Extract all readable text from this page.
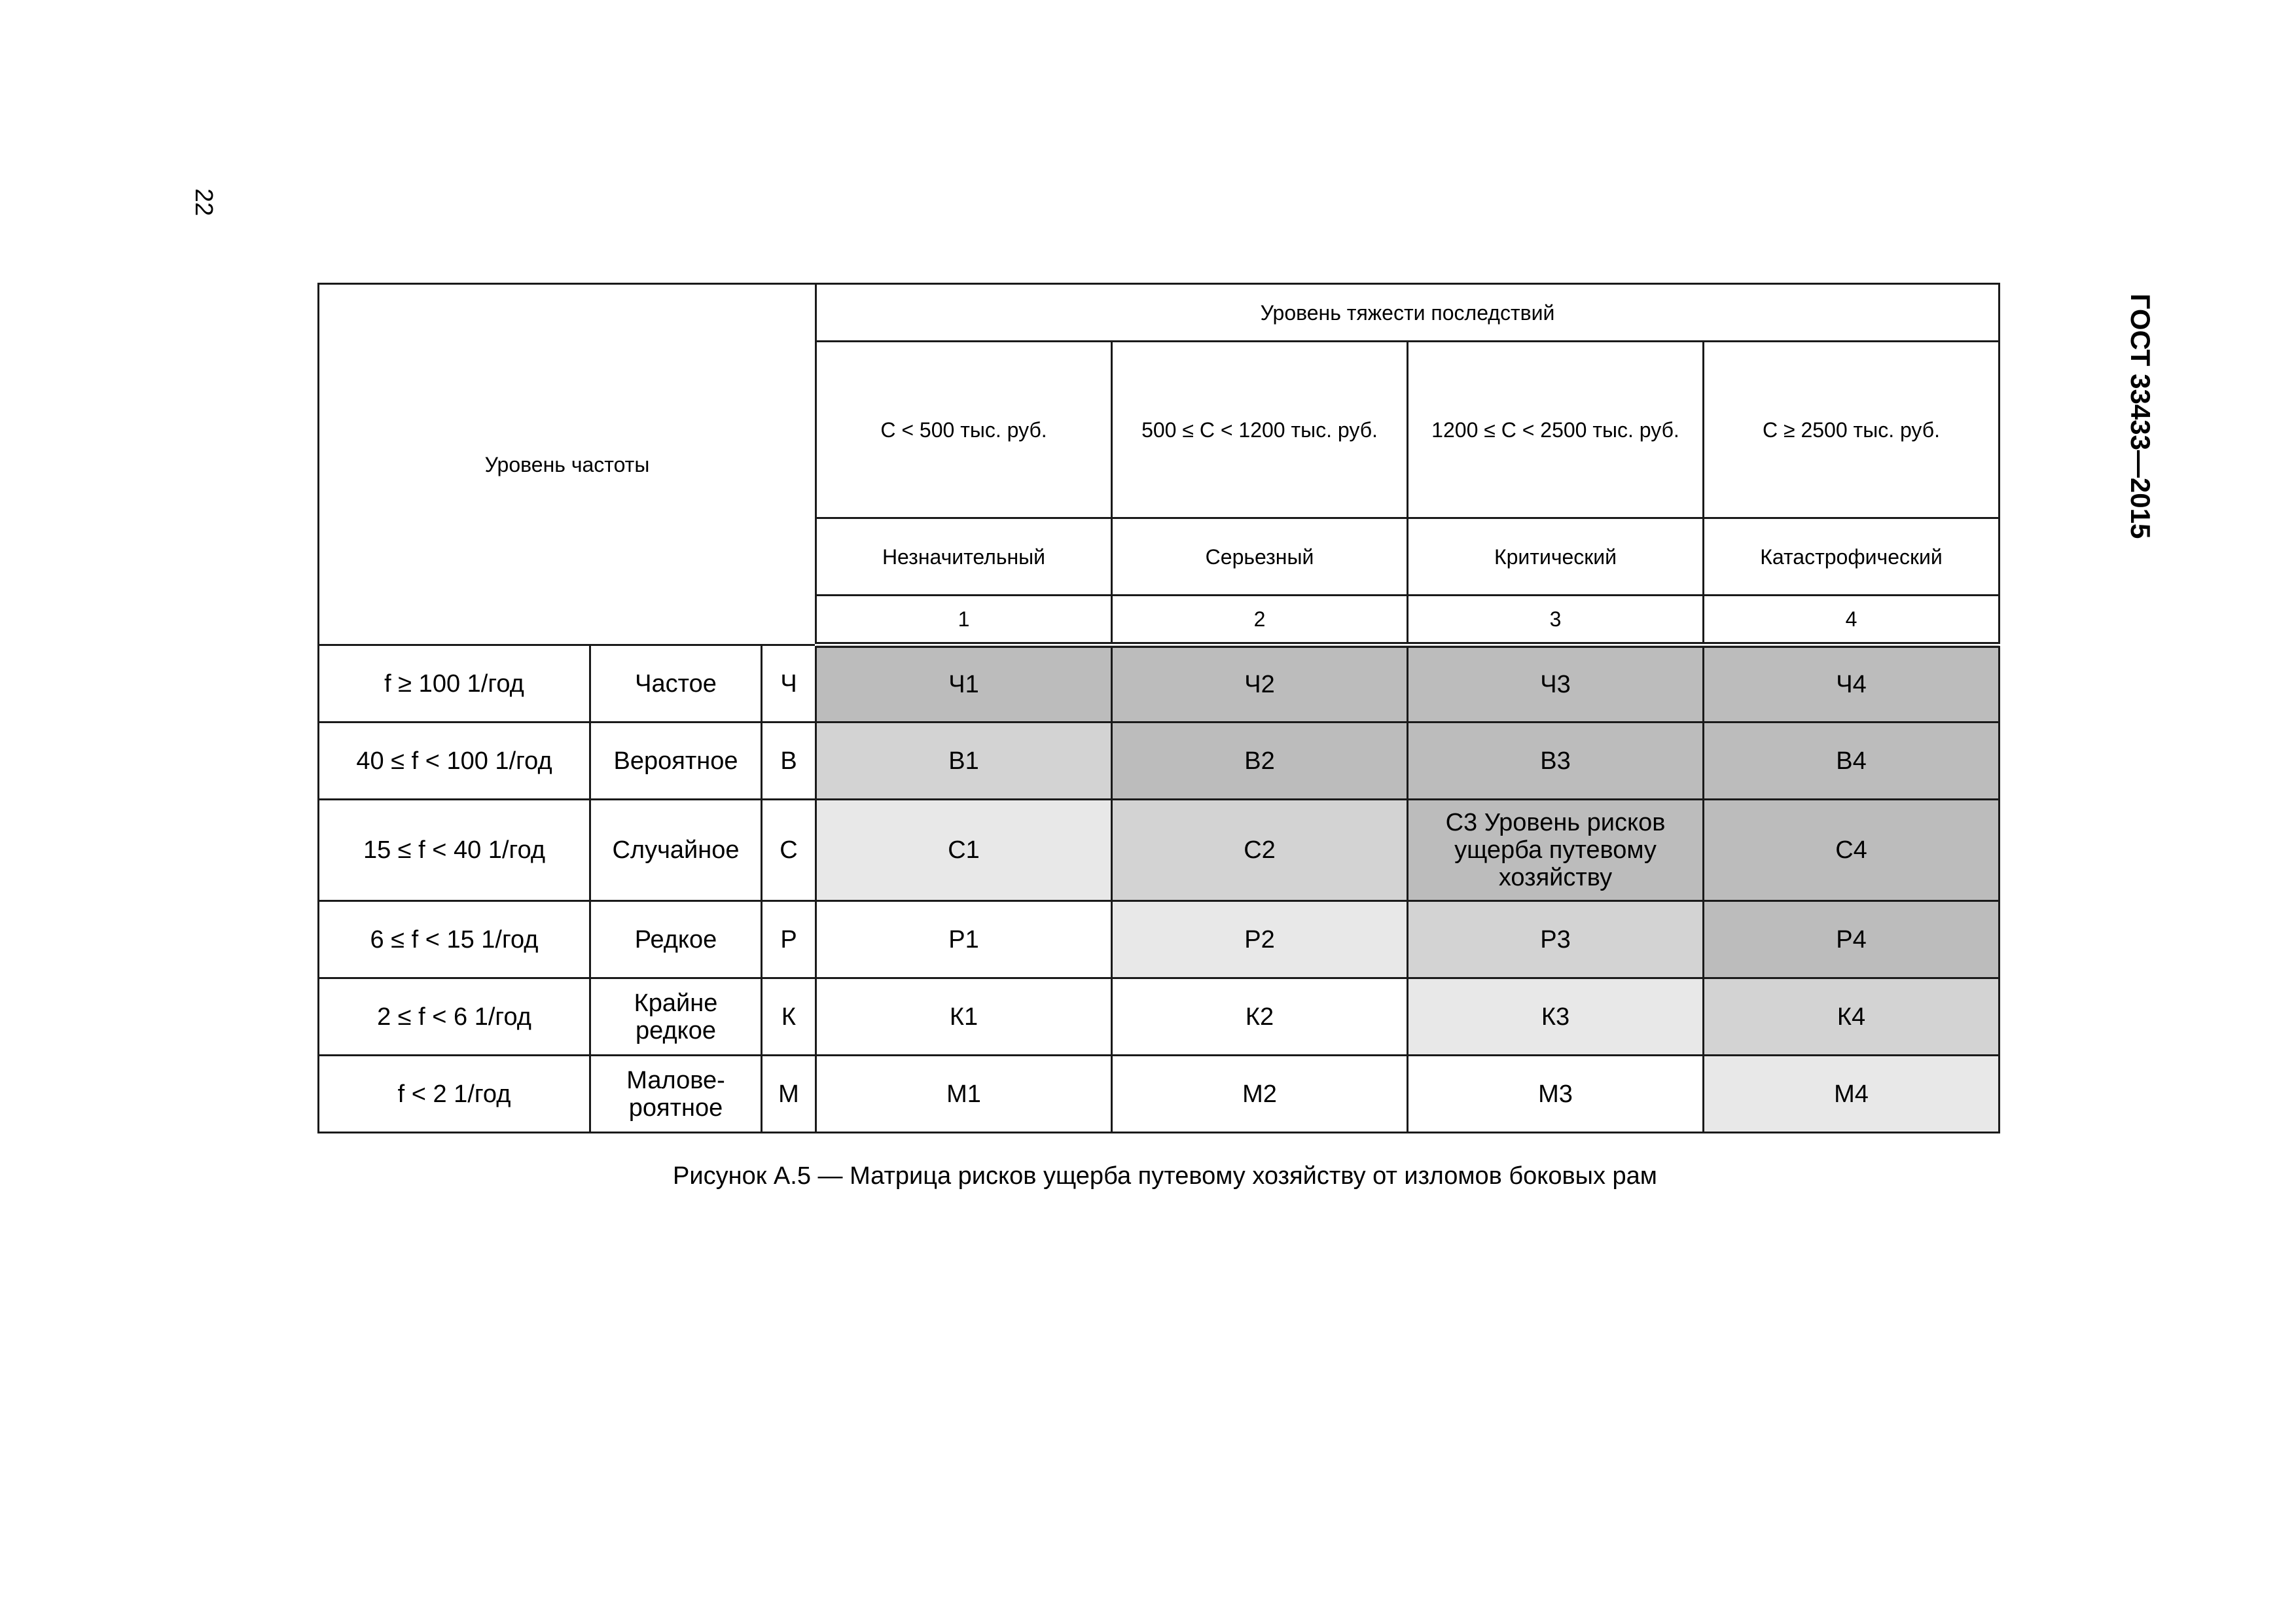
22
ГОСТ 33433—2015
Уровень частоты			Уровень тяжести последствий			
			C < 500 тыс. руб.	500 ≤ C < 1200 тыс. руб.	1200 ≤ C < 2500 тыс. руб.	C ≥ 2500 тыс. руб.
			Незначительный	Серьезный	Критический	Катастрофический
			1	2	3	4
f ≥ 100 1/год	Частое	Ч	Ч1	Ч2	Ч3	Ч4
40 ≤ f < 100 1/год	Вероятное	В	В1	В2	В3	В4
15 ≤ f < 40 1/год	Случайное	С	С1	С2	С3 Уровень рисков ущерба путевому хозяйству	С4
6 ≤ f < 15 1/год	Редкое	Р	Р1	Р2	Р3	Р4
2 ≤ f < 6 1/год	Крайне редкое	К	К1	К2	К3	К4
f < 2 1/год	Малове-роятное	М	М1	М2	М3	М4
Рисунок А.5 — Матрица рисков ущерба путевому хозяйству от изломов боковых рам
